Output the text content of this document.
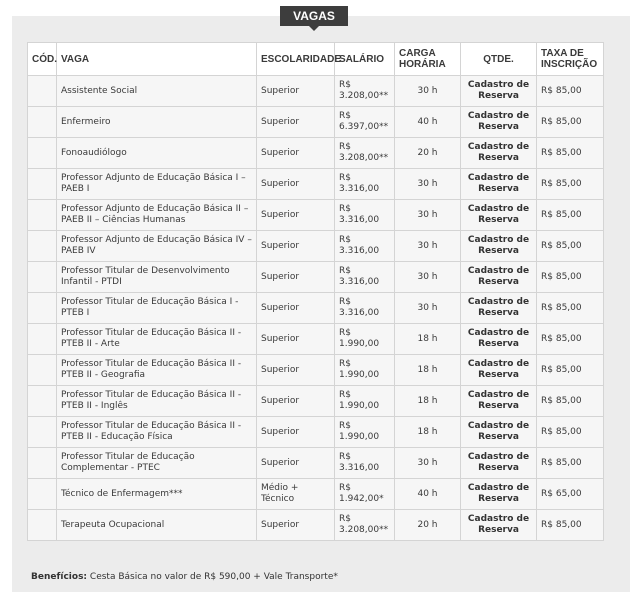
VAGAS
CÓD.	VAGA	ESCOLARIDADE	SALÁRIO	CARGA HORÁRIA	QTDE.	TAXA DE INSCRIÇÃO
	Assistente Social	Superior	R$ 3.208,00**	30 h	Cadastro de Reserva	R$ 85,00
	Enfermeiro	Superior	R$ 6.397,00**	40 h	Cadastro de Reserva	R$ 85,00
	Fonoaudiólogo	Superior	R$ 3.208,00**	20 h	Cadastro de Reserva	R$ 85,00
	Professor Adjunto de Educação Básica I – PAEB I	Superior	R$ 3.316,00	30 h	Cadastro de Reserva	R$ 85,00
	Professor Adjunto de Educação Básica II – PAEB II – Ciências Humanas	Superior	R$ 3.316,00	30 h	Cadastro de Reserva	R$ 85,00
	Professor Adjunto de Educação Básica IV – PAEB IV	Superior	R$ 3.316,00	30 h	Cadastro de Reserva	R$ 85,00
	Professor Titular de Desenvolvimento Infantil - PTDI	Superior	R$ 3.316,00	30 h	Cadastro de Reserva	R$ 85,00
	Professor Titular de Educação Básica I - PTEB I	Superior	R$ 3.316,00	30 h	Cadastro de Reserva	R$ 85,00
	Professor Titular de Educação Básica II - PTEB II - Arte	Superior	R$ 1.990,00	18 h	Cadastro de Reserva	R$ 85,00
	Professor Titular de Educação Básica II - PTEB II - Geografia	Superior	R$ 1.990,00	18 h	Cadastro de Reserva	R$ 85,00
	Professor Titular de Educação Básica II - PTEB II - Inglês	Superior	R$ 1.990,00	18 h	Cadastro de Reserva	R$ 85,00
	Professor Titular de Educação Básica II - PTEB II - Educação Física	Superior	R$ 1.990,00	18 h	Cadastro de Reserva	R$ 85,00
	Professor Titular de Educação Complementar - PTEC	Superior	R$ 3.316,00	30 h	Cadastro de Reserva	R$ 85,00
	Técnico de Enfermagem***	Médio + Técnico	R$ 1.942,00*	40 h	Cadastro de Reserva	R$ 65,00
	Terapeuta Ocupacional	Superior	R$ 3.208,00**	20 h	Cadastro de Reserva	R$ 85,00
Benefícios: Cesta Básica no valor de R$ 590,00 + Vale Transporte*
